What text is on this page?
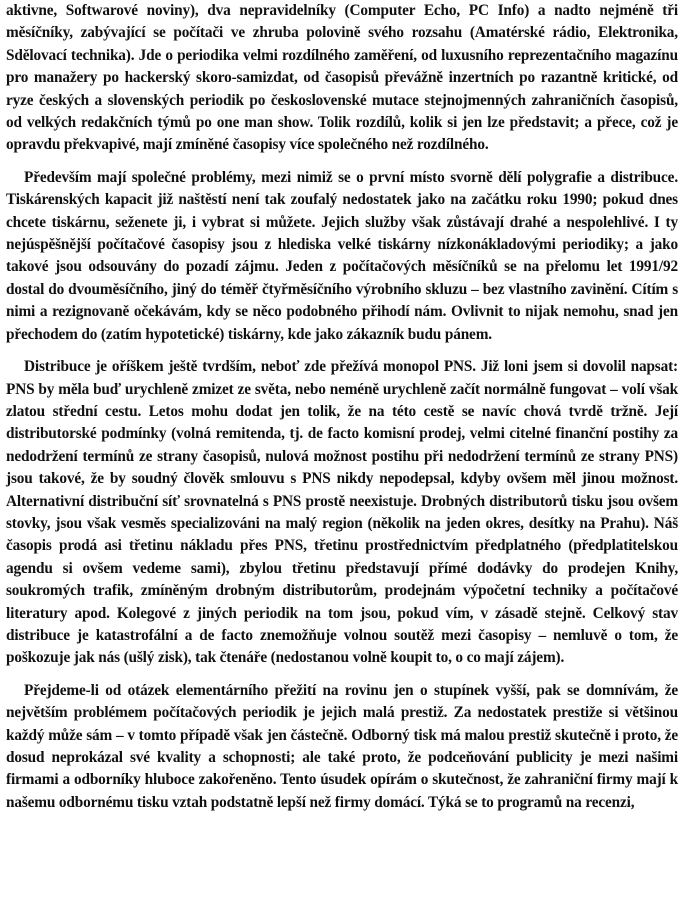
aktivne, Softwarové noviny), dva nepravidelníky (Computer Echo, PC Info) a nadto nejméně tři měsíčníky, zabývající se počítači ve zhruba polovině svého rozsahu (Amatérské rádio, Elektronika, Sdělovací technika). Jde o periodika velmi rozdílného zaměření, od luxusního reprezentačního magazínu pro manažery po hackerský skoro-samizdat, od časopisů převážně inzertních po razantně kritické, od ryze českých a slovenských periodik po československé mutace stejnojmenných zahraničních časopisů, od velkých redakčních týmů po one man show. Tolik rozdílů, kolik si jen lze představit; a přece, což je opravdu překvapivé, mají zmíněné časopisy více společného než rozdílného.

Především mají společné problémy, mezi nimiž se o první místo svorně dělí polygrafie a distribuce. Tiskárenských kapacit již naštěstí není tak zoufalý nedostatek jako na začátku roku 1990; pokud dnes chcete tiskárnu, seženete ji, i vybrat si můžete. Jejich služby však zůstávají drahé a nespolehlivé. I ty nejúspěšnější počítačové časopisy jsou z hlediska velké tiskárny nízkonákladovými periodiky; a jako takové jsou odsouvány do pozadí zájmu. Jeden z počítačových měsíčníků se na přelomu let 1991/92 dostal do dvouměsíčního, jiný do téměř čtyřměsíčního výrobního skluzu – bez vlastního zavinění. Cítím s nimi a rezignovaně očekávám, kdy se něco podobného přihodí nám. Ovlivnit to nijak nemohu, snad jen přechodem do (zatím hypotetické) tiskárny, kde jako zákazník budu pánem.

Distribuce je oříškem ještě tvrdším, neboť zde přežívá monopol PNS. Již loni jsem si dovolil napsat: PNS by měla buď urychleně zmizet ze světa, nebo neméně urychleně začít normálně fungovat – volí však zlatou střední cestu. Letos mohu dodat jen tolik, že na této cestě se navíc chová tvrdě tržně. Její distributorské podmínky (volná remitenda, tj. de facto komisní prodej, velmi citelné finanční postihy za nedodržení termínů ze strany časopisů, nulová možnost postihu při nedodržení termínů ze strany PNS) jsou takové, že by soudný člověk smlouvu s PNS nikdy nepodepsal, kdyby ovšem měl jinou možnost. Alternativní distribuční síť srovnatelná s PNS prostě neexistuje. Drobných distributorů tisku jsou ovšem stovky, jsou však vesměs specializováni na malý region (několik na jeden okres, desítky na Prahu). Náš časopis prodá asi třetinu nákladu přes PNS, třetinu prostřednictvím předplatného (předplatitelskou agendu si ovšem vedeme sami), zbylou třetinu představují přímé dodávky do prodejen Knihy, soukromých trafik, zmíněným drobným distributorům, prodejnám výpočetní techniky a počítačové literatury apod. Kolegové z jiných periodik na tom jsou, pokud vím, v zásadě stejně. Celkový stav distribuce je katastrofální a de facto znemožňuje volnou soutěž mezi časopisy – nemluvě o tom, že poškozuje jak nás (ušlý zisk), tak čtenáře (nedostanou volně koupit to, o co mají zájem).

Přejdeme-li od otázek elementárního přežití na rovinu jen o stupínek vyšší, pak se domnívám, že největším problémem počítačových periodik je jejich malá prestiž. Za nedostatek prestiže si většinou každý může sám – v tomto případě však jen částečně. Odborný tisk má malou prestiž skutečně i proto, že dosud neprokázal své kvality a schopnosti; ale také proto, že podceňování publicity je mezi našimi firmami a odborníky hluboce zakořeněno. Tento úsudek opírám o skutečnost, že zahraniční firmy mají k našemu odbornému tisku vztah podstatně lepší než firmy domácí. Týká se to programů na recenzi,
